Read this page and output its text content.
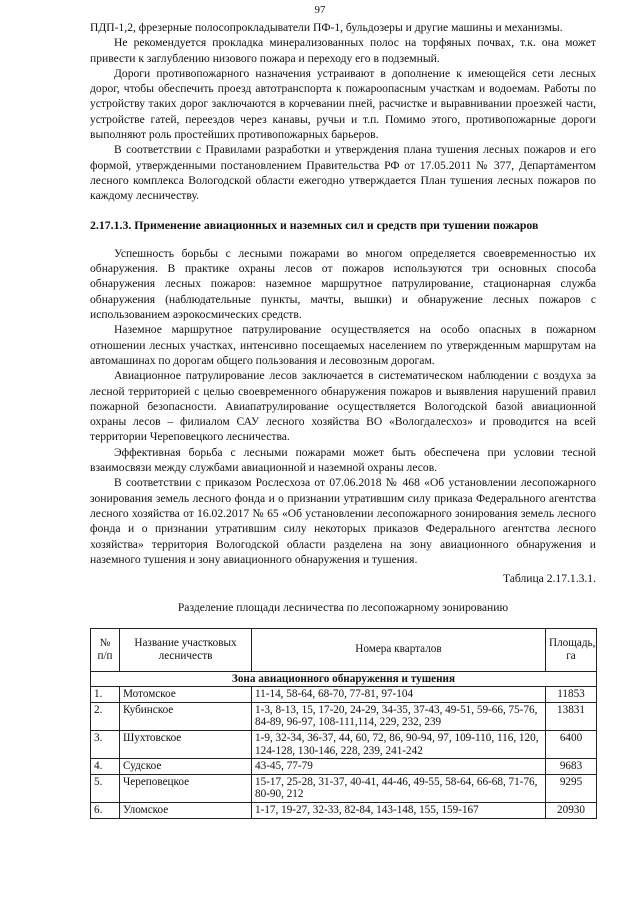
97

ПДП-1,2, фрезерные полосопрокладыватели ПФ-1, бульдозеры и другие машины и механизмы.

Не рекомендуется прокладка минерализованных полос на торфяных почвах, т.к. она может привести к заглублению низового пожара и переходу его в подземный.

Дороги противопожарного назначения устраивают в дополнение к имеющейся сети лесных дорог, чтобы обеспечить проезд автотранспорта к пожароопасным участкам и водоемам. Работы по устройству таких дорог заключаются в корчевании пней, расчистке и выравнивании проезжей части, устройстве гатей, переездов через канавы, ручьи и т.п. Помимо этого, противопожарные дороги выполняют роль простейших противопожарных барьеров.

В соответствии с Правилами разработки и утверждения плана тушения лесных пожаров и его формой, утвержденными постановлением Правительства РФ от 17.05.2011 № 377, Департаментом лесного комплекса Вологодской области ежегодно утверждается План тушения лесных пожаров по каждому лесничеству.

2.17.1.3. Применение авиационных и наземных сил и средств при тушении пожаров

Успешность борьбы с лесными пожарами во многом определяется своевременностью их обнаружения. В практике охраны лесов от пожаров используются три основных способа обнаружения лесных пожаров: наземное маршрутное патрулирование, стационарная служба обнаружения (наблюдательные пункты, мачты, вышки) и обнаружение лесных пожаров с использованием аэрокосмических средств.

Наземное маршрутное патрулирование осуществляется на особо опасных в пожарном отношении лесных участках, интенсивно посещаемых населением по утвержденным маршрутам на автомашинах по дорогам общего пользования и лесовозным дорогам.

Авиационное патрулирование лесов заключается в систематическом наблюдении с воздуха за лесной территорией с целью своевременного обнаружения пожаров и выявления нарушений правил пожарной безопасности. Авиапатрулирование осуществляется Вологодской базой авиационной охраны лесов – филиалом САУ лесного хозяйства ВО «Вологдалесхоз» и проводится на всей территории Череповецкого лесничества.

Эффективная борьба с лесными пожарами может быть обеспечена при условии тесной взаимосвязи между службами авиационной и наземной охраны лесов.

В соответствии с приказом Рослесхоза от 07.06.2018 № 468 «Об установлении лесопожарного зонирования земель лесного фонда и о признании утратившим силу приказа Федерального агентства лесного хозяйства от 16.02.2017 № 65 «Об установлении лесопожарного зонирования земель лесного фонда и о признании утратившим силу некоторых приказов Федерального агентства лесного хозяйства» территория Вологодской области разделена на зону авиационного обнаружения и наземного тушения и зону авиационного обнаружения и тушения.

Таблица 2.17.1.3.1.

Разделение площади лесничества по лесопожарному зонированию

№ п/п	Название участковых лесничеств	Номера кварталов	Площадь, га
Зона авиационного обнаружения и тушения			
1.	Мотомское	11-14, 58-64, 68-70, 77-81, 97-104	11853
2.	Кубинское	1-3, 8-13, 15, 17-20, 24-29, 34-35, 37-43, 49-51, 59-66, 75-76, 84-89, 96-97, 108-111,114, 229, 232, 239	13831
3.	Шухтовское	1-9, 32-34, 36-37, 44, 60, 72, 86, 90-94, 97, 109-110, 116, 120, 124-128, 130-146, 228, 239, 241-242	6400
4.	Судское	43-45, 77-79	9683
5.	Череповецкое	15-17, 25-28, 31-37, 40-41, 44-46, 49-55, 58-64, 66-68, 71-76, 80-90, 212	9295
6.	Уломское	1-17, 19-27, 32-33, 82-84, 143-148, 155, 159-167	20930
